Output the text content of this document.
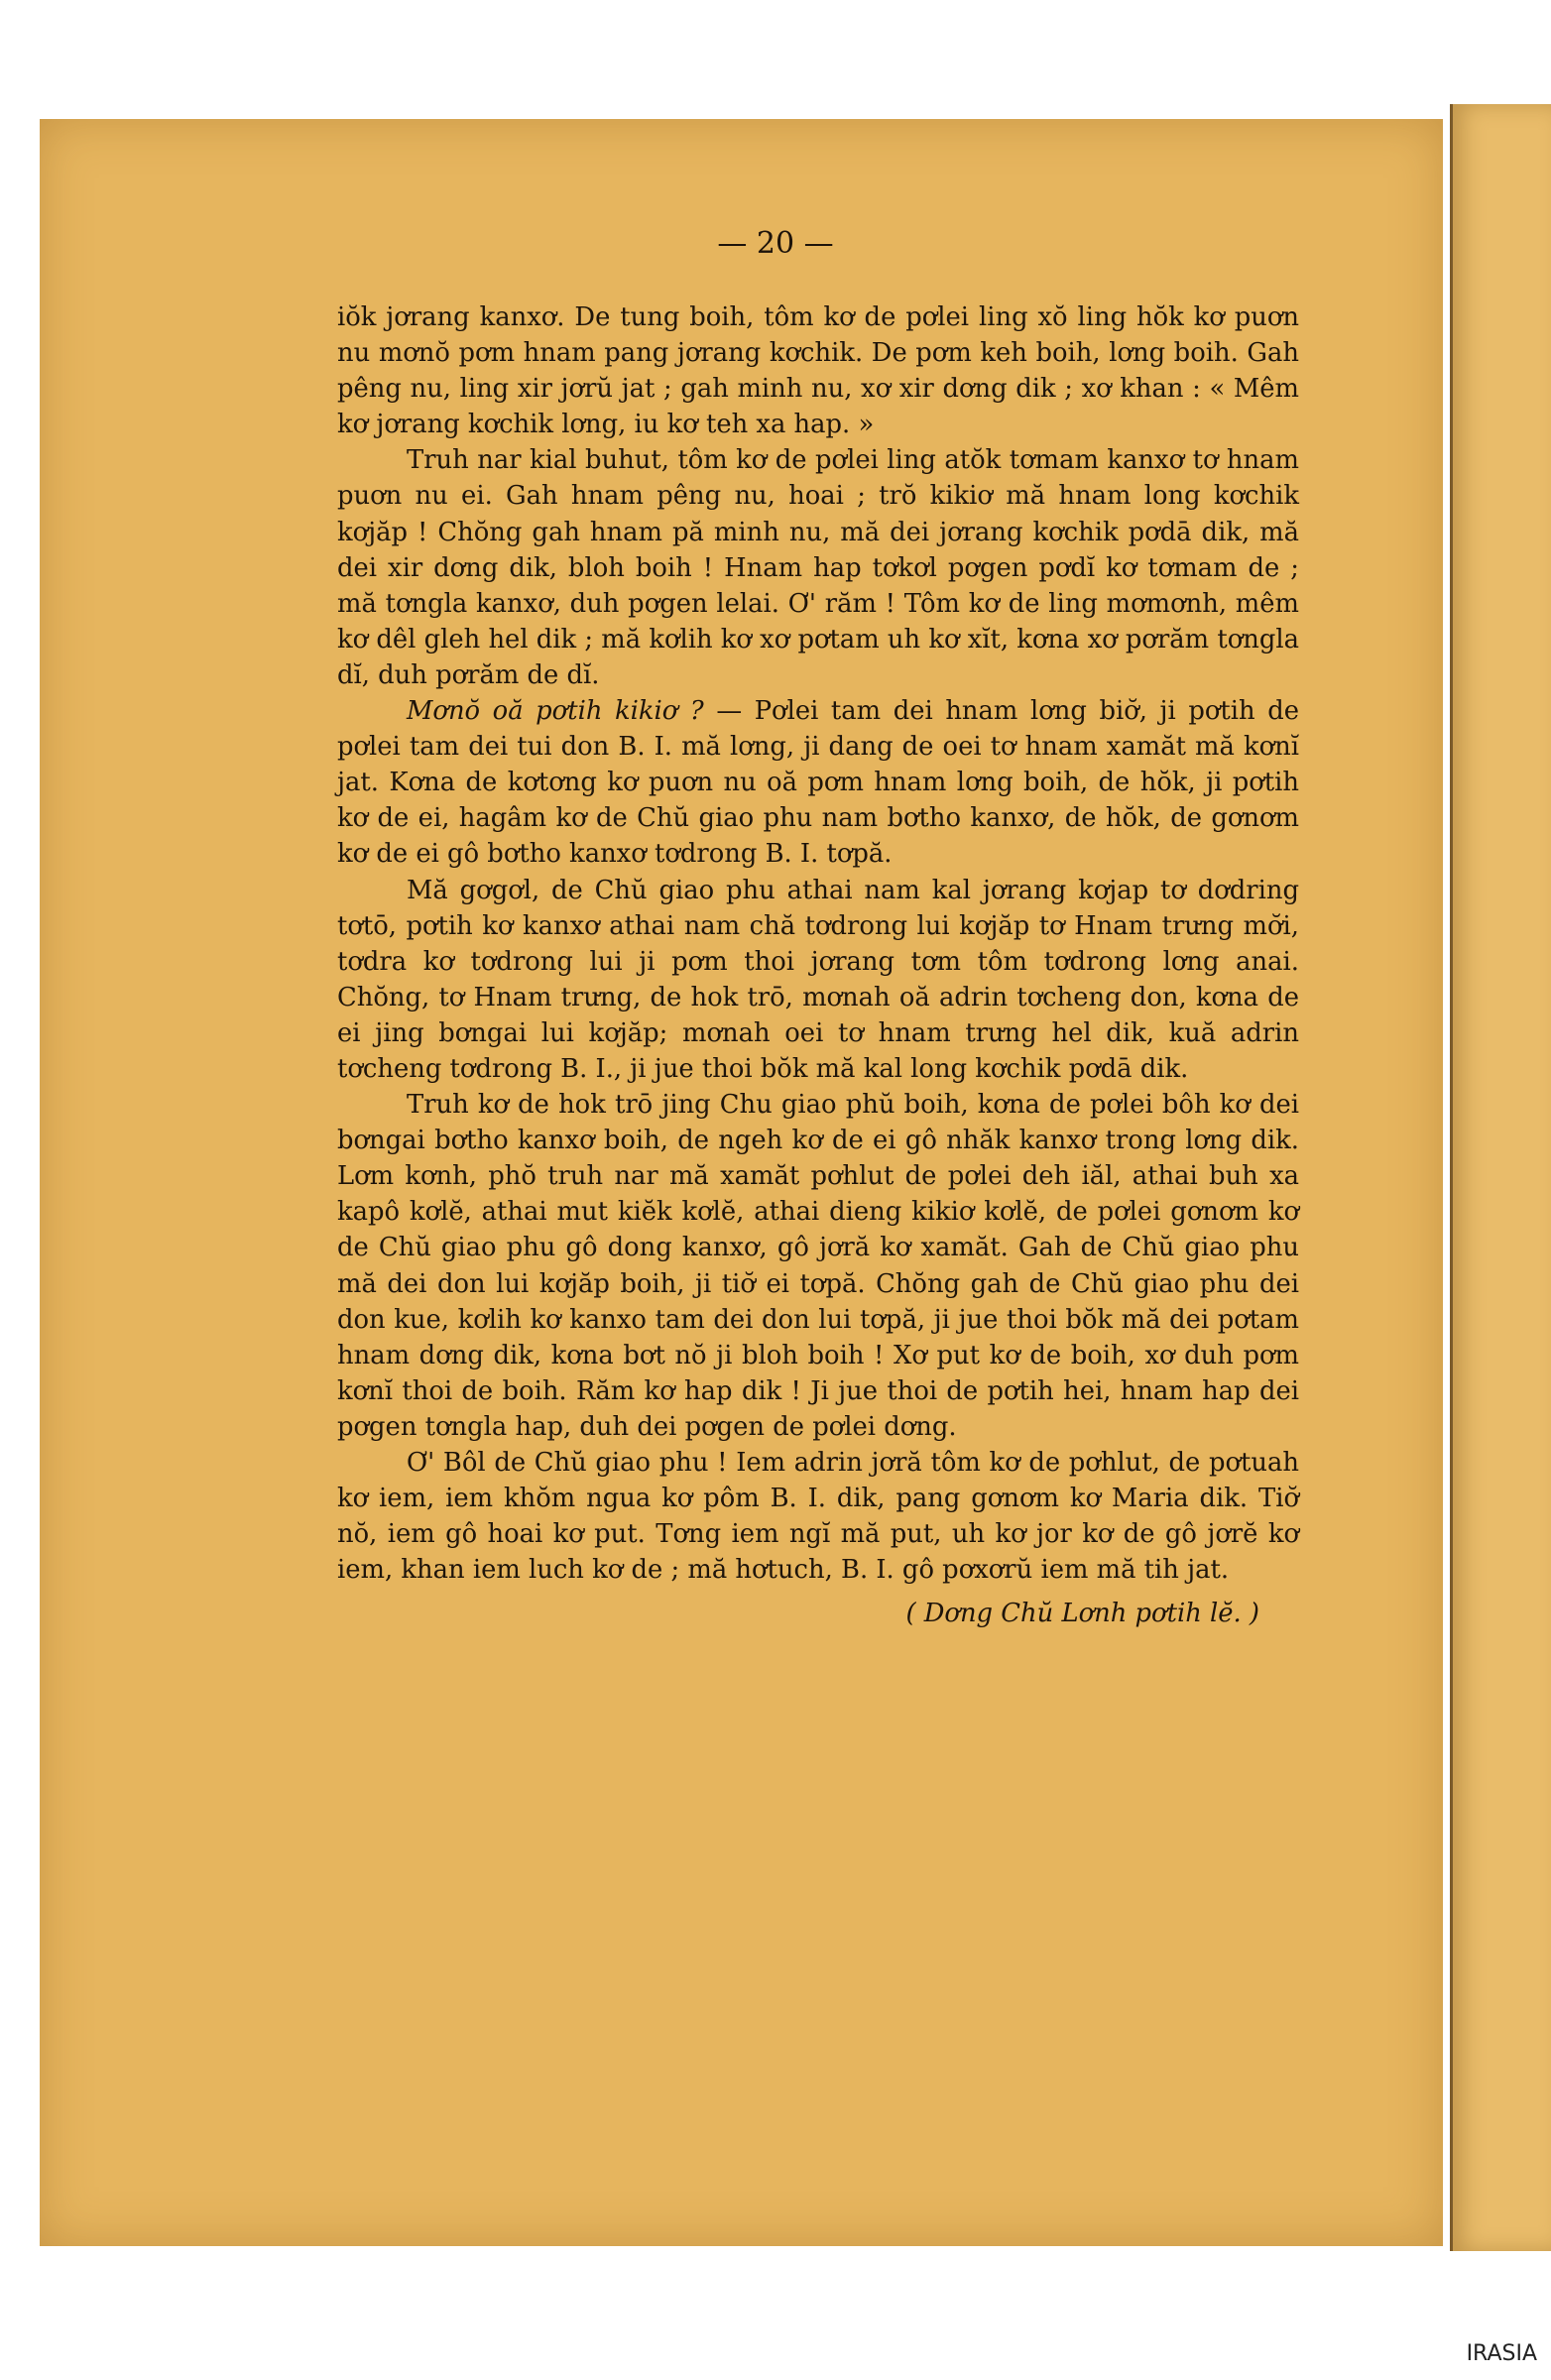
— 20 —

iŏk jơrang kanxơ. De tung boih, tôm kơ de pơlei ling xŏ ling hŏk kơ puơn nu mơnŏ pơm hnam pang jơrang kơchik. De pơm keh boih, lơng boih. Gah pêng nu, ling xir jơrŭ jat ; gah minh nu, xơ xir dơng dik ; xơ khan : « Mêm kơ jơrang kơchik lơng, iu kơ teh xa hap. »

Truh nar kial buhut, tôm kơ de pơlei ling atŏk tơmam kanxơ tơ hnam puơn nu ei. Gah hnam pêng nu, hoai ; trŏ kikiơ mă hnam long kơchik kơjăp ! Chŏng gah hnam pă minh nu, mă dei jơrang kơchik pơdā dik, mă dei xir dơng dik, bloh boih ! Hnam hap tơkơl pơgen pơdĭ kơ tơmam de ; mă tơngla kanxơ, duh pơgen lelai. Ơ' răm ! Tôm kơ de ling mơmơnh, mêm kơ dêl gleh hel dik ; mă kơlih kơ xơ pơtam uh kơ xĭt, kơna xơ pơrăm tơngla dĭ, duh pơrăm de dĭ.

Mơnŏ oă pơtih kikiơ ? — Pơlei tam dei hnam lơng biơ̆, ji pơtih de pơlei tam dei tui don B. I. mă lơng, ji dang de oei tơ hnam xamăt mă kơnĭ jat. Kơna de kơtơng kơ puơn nu oă pơm hnam lơng boih, de hŏk, ji pơtih kơ de ei, hagâm kơ de Chŭ giao phu nam bơtho kanxơ, de hŏk, de gơnơm kơ de ei gô bơtho kanxơ tơdrong B. I. tơpă.

Mă gơgơl, de Chŭ giao phu athai nam kal jơrang kơjap tơ dơdring tơtō, pơtih kơ kanxơ athai nam chă tơdrong lui kơjăp tơ Hnam trưng mơ̆i, tơdra kơ tơdrong lui ji pơm thoi jơrang tơm tôm tơdrong lơng anai. Chŏng, tơ Hnam trưng, de hok trō, mơnah oă adrin tơcheng don, kơna de ei jing bơngai lui kơjăp; mơnah oei tơ hnam trưng hel dik, kuă adrin tơcheng tơdrong B. I., ji jue thoi bŏk mă kal long kơchik pơdā dik.

Truh kơ de hok trō jing Chu giao phŭ boih, kơna de pơlei bôh kơ dei bơngai bơtho kanxơ boih, de ngeh kơ de ei gô nhăk kanxơ trong lơng dik. Lơm kơnh, phŏ truh nar mă xamăt pơhlut de pơlei deh iăl, athai buh xa kapô kơlĕ, athai mut kiĕk kơlĕ, athai dieng kikiơ kơlĕ, de pơlei gơnơm kơ de Chŭ giao phu gô dong kanxơ, gô jơră kơ xamăt. Gah de Chŭ giao phu mă dei don lui kơjăp boih, ji tiơ̆ ei tơpă. Chŏng gah de Chŭ giao phu dei don kue, kơlih kơ kanxo tam dei don lui tơpă, ji jue thoi bŏk mă dei pơtam hnam dơng dik, kơna bơt nŏ ji bloh boih ! Xơ put kơ de boih, xơ duh pơm kơnĭ thoi de boih. Răm kơ hap dik ! Ji jue thoi de pơtih hei, hnam hap dei pơgen tơngla hap, duh dei pơgen de pơlei dơng.

Ơ' Bôl de Chŭ giao phu ! Iem adrin jơră tôm kơ de pơhlut, de pơtuah kơ iem, iem khŏm ngua kơ pôm B. I. dik, pang gơnơm kơ Maria dik. Tiơ̆ nŏ, iem gô hoai kơ put. Tơng iem ngĭ mă put, uh kơ jor kơ de gô jơrĕ kơ iem, khan iem luch kơ de ; mă hơtuch, B. I. gô pơxơrŭ iem mă tih jat.

( Dơng Chŭ Lơnh pơtih lĕ. )

IRASIA
